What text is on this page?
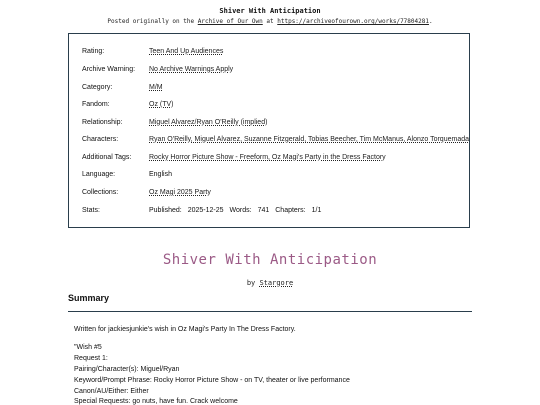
Shiver With Anticipation
Posted originally on the Archive of Our Own at https://archiveofourown.org/works/77804281.
Rating:	Teen And Up Audiences
Archive Warning: No Archive Warnings Apply
Category:	M/M
Fandom:	Oz (TV)
Relationship:	Miguel Alvarez/Ryan O'Reilly (implied)
Characters:	Ryan O'Reilly, Miguel Alvarez, Suzanne Fitzgerald, Tobias Beecher, Tim McManus, Alonzo Torquemada
Additional Tags:	Rocky Horror Picture Show - Freeform, Oz Magi's Party in the Dress Factory
Language:	English
Collections:	Oz Magi 2025 Party
Stats:	Published: 2025-12-25 Words: 741 Chapters: 1/1
Shiver With Anticipation
by Stargore
Summary
Written for jackiesjunkie's wish in Oz Magi's Party In The Dress Factory.
"Wish #5
Request 1:
Pairing/Character(s): Miguel/Ryan
Keyword/Prompt Phrase: Rocky Horror Picture Show - on TV, theater or live performance
Canon/AU/Either: Either
Special Requests: go nuts, have fun. Crack welcome
